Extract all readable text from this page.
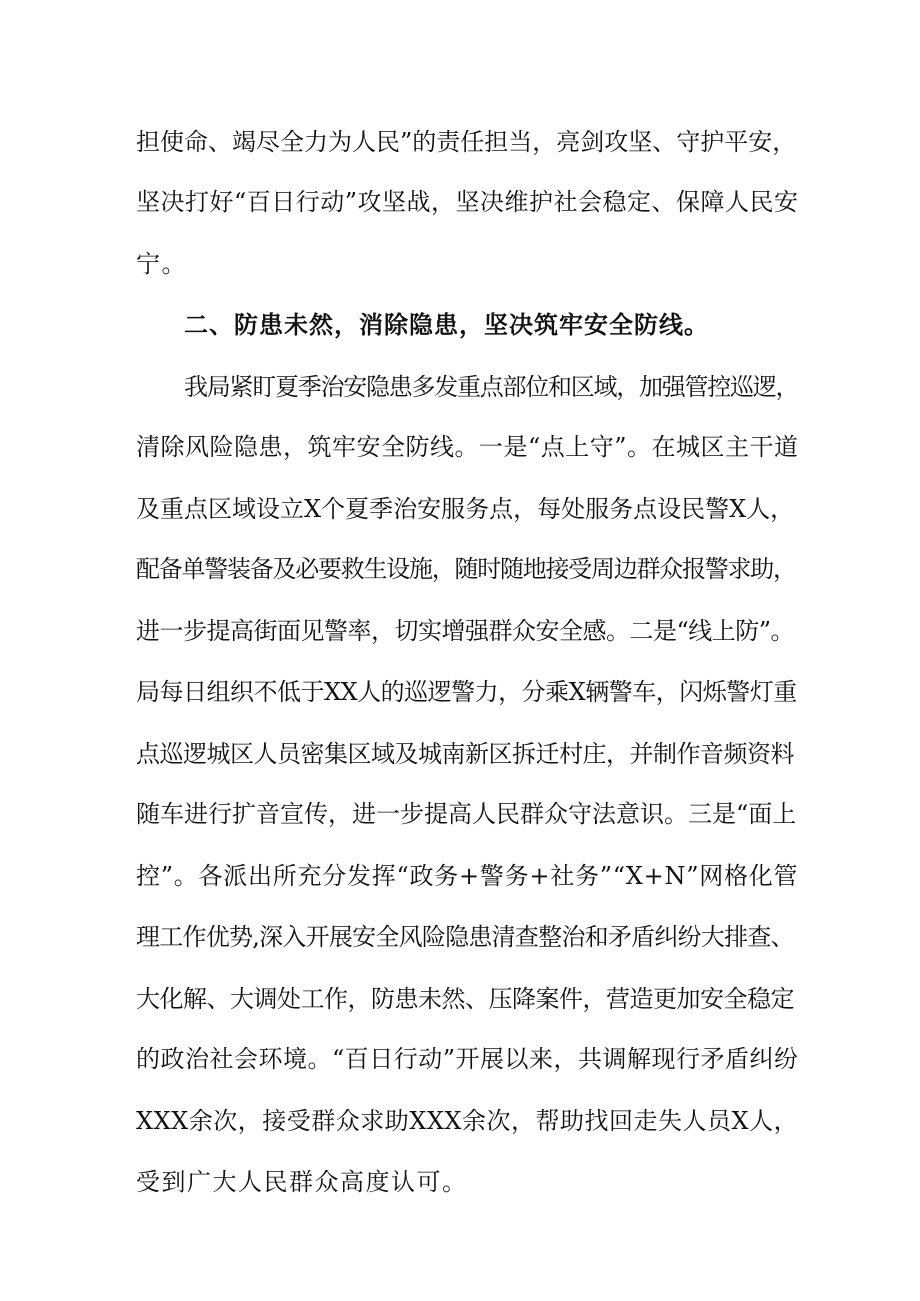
担使命、竭尽全力为人民”的责任担当，亮剑攻坚、守护平安，
坚决打好“百日行动”攻坚战，坚决维护社会稳定、保障人民安
宁。
二、防患未然，消除隐患，坚决筑牢安全防线。
我局紧盯夏季治安隐患多发重点部位和区域，加强管控巡逻，
清除风险隐患，筑牢安全防线。一是“点上守”。在城区主干道
及重点区域设立X个夏季治安服务点，每处服务点设民警X人，
配备单警装备及必要救生设施，随时随地接受周边群众报警求助，
进一步提高街面见警率，切实增强群众安全感。二是“线上防”。
局每日组织不低于XX人的巡逻警力，分乘X辆警车，闪烁警灯重
点巡逻城区人员密集区域及城南新区拆迁村庄，并制作音频资料
随车进行扩音宣传，进一步提高人民群众守法意识。三是“面上
控”。各派出所充分发挥“政务+警务+社务”“X+N”网格化管
理工作优势,深入开展安全风险隐患清查整治和矛盾纠纷大排查、
大化解、大调处工作，防患未然、压降案件，营造更加安全稳定
的政治社会环境。“百日行动”开展以来，共调解现行矛盾纠纷
XXX余次，接受群众求助XXX余次，帮助找回走失人员X人，
受到广大人民群众高度认可。
